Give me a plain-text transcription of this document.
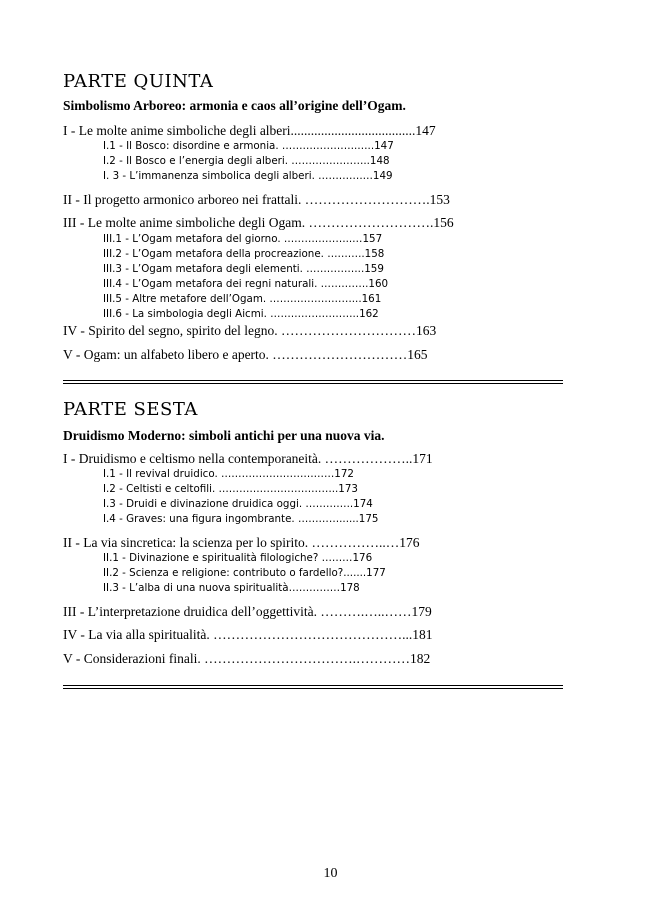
PARTE QUINTA
Simbolismo Arboreo: armonia e caos all’origine dell’Ogam.
I - Le molte anime simboliche degli alberi.....................................147
I.1 - Il Bosco: disordine e armonia. ………………….…..147
I.2 - Il Bosco e l’energia degli alberi. …………………..148
I. 3 - L’immanenza simbolica degli alberi. ………….…149
II - Il progetto armonico arboreo nei frattali. ……………………….153
III - Le molte anime simboliche degli Ogam. ……………………….156
III.1 - L’Ogam metafora del giorno. ………………..…157
III.2 - L’Ogam metafora della procreazione. ………..158
III.3 - L’Ogam metafora degli elementi. ……………..159
III.4 - L’Ogam metafora dei regni naturali. …………..160
III.5 - Altre metafore dell’Ogam. ……………………...161
III.6 - La simbologia degli Aicmi. ……………………..162
IV - Spirito del segno, spirito del legno. …………………………163
V - Ogam: un alfabeto libero e aperto. …………………………165
PARTE SESTA
Druidismo Moderno: simboli antichi per una nuova via.
I - Druidismo e celtismo nella contemporaneità. ………………..171
I.1 - Il revival druidico. ……………………………172
I.2 - Celtisti e celtofili. ……………………………..173
I.3 - Druidi e divinazione druidica oggi. …………..174
I.4 - Graves: una figura ingombrante. …………......175
II - La via sincretica: la scienza per lo spirito. ……………..…176
II.1 - Divinazione e spiritualità filologiche? ………176
II.2 - Scienza e religione: contributo o fardello?.......177
II.3 - L’alba di una nuova spiritualità……………178
III - L’interpretazione druidica dell’oggettività. ……….…..……179
IV - La via alla spiritualità. ……………………………………...181
V - Considerazioni finali. …………………………….…………182
10
